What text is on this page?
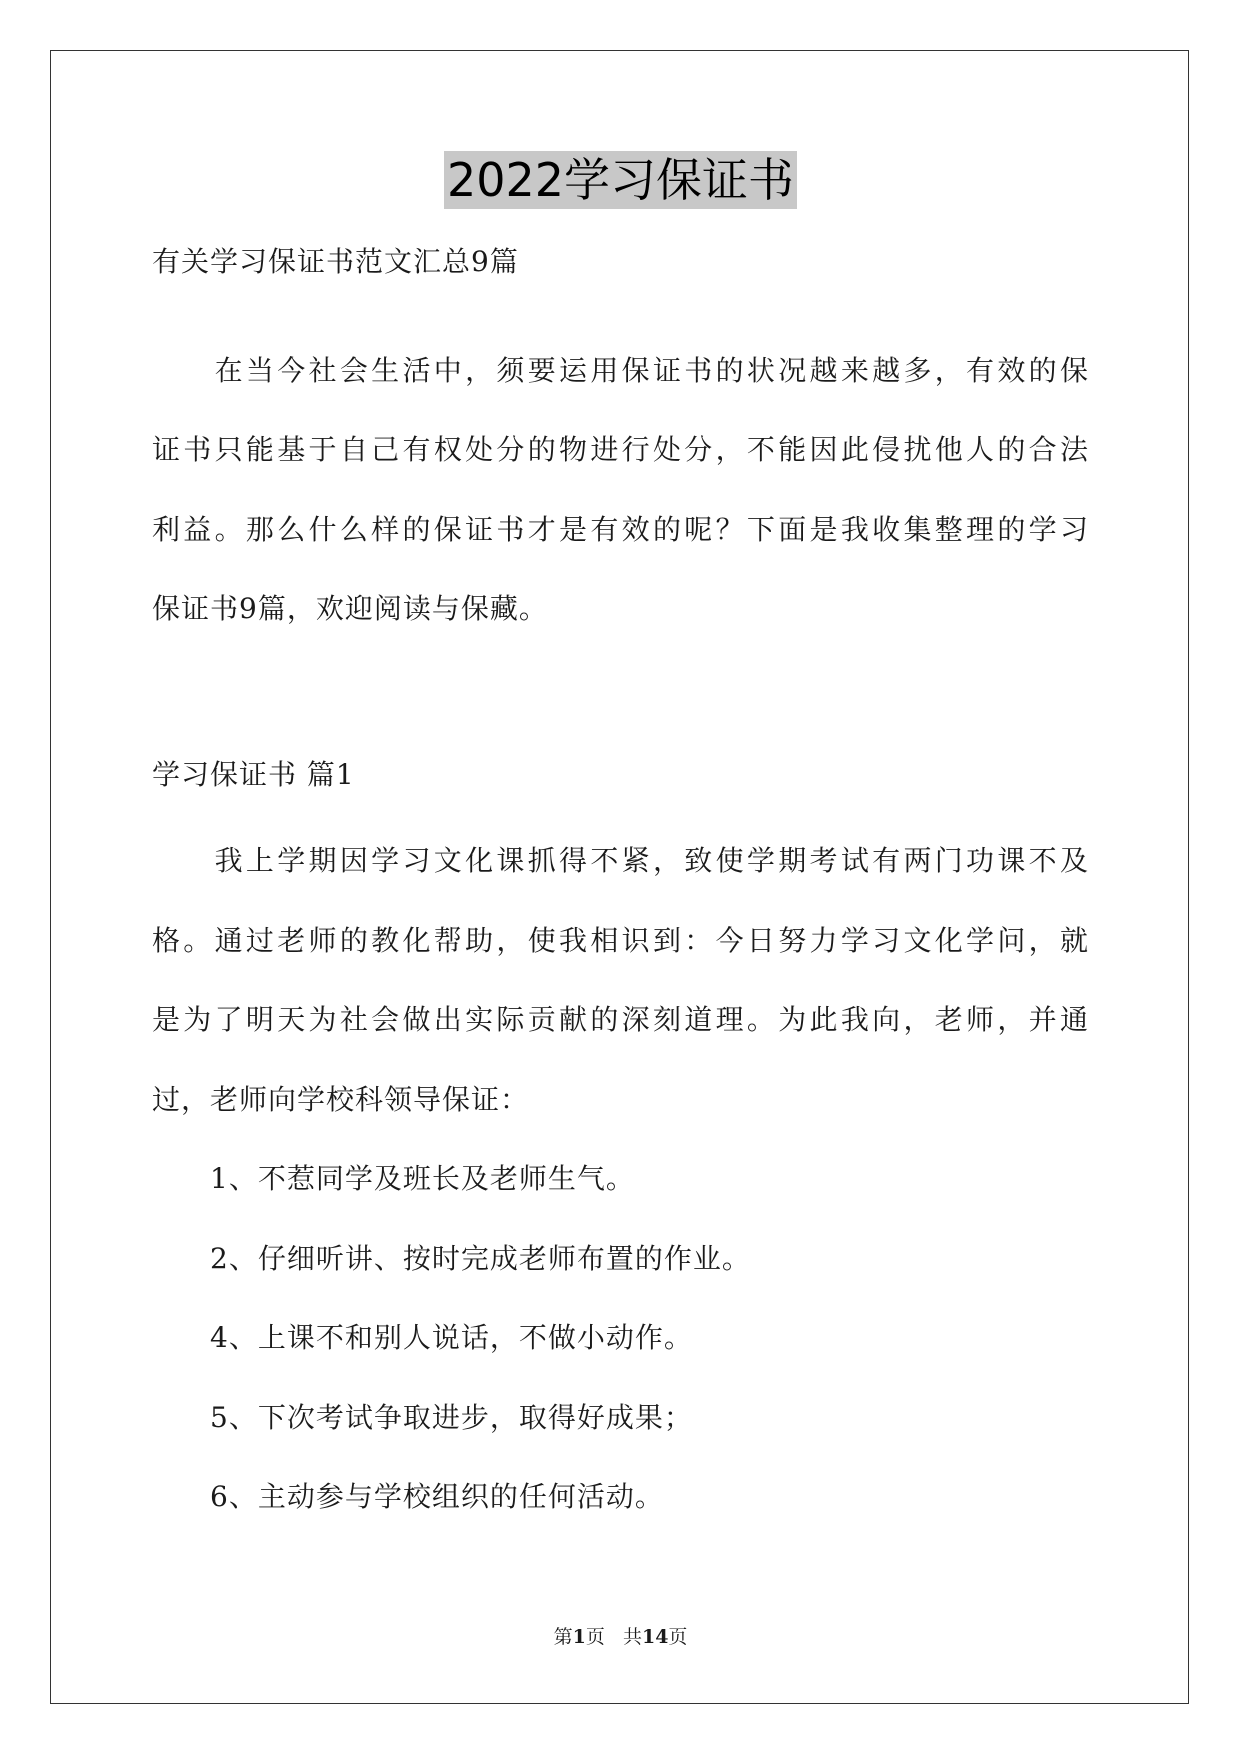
2022学习保证书
有关学习保证书范文汇总9篇
　　在当今社会生活中，须要运用保证书的状况越来越多，有效的保
证书只能基于自己有权处分的物进行处分，不能因此侵扰他人的合法
利益。那么什么样的保证书才是有效的呢？下面是我收集整理的学习
保证书9篇，欢迎阅读与保藏。
学习保证书 篇1
　　我上学期因学习文化课抓得不紧，致使学期考试有两门功课不及
格。通过老师的教化帮助，使我相识到：今日努力学习文化学问，就
是为了明天为社会做出实际贡献的深刻道理。为此我向，老师，并通
过，老师向学校科领导保证：
　　1、不惹同学及班长及老师生气。
　　2、仔细听讲、按时完成老师布置的作业。
　　4、上课不和别人说话，不做小动作。
　　5、下次考试争取进步，取得好成果；
　　6、主动参与学校组织的任何活动。
第1页 共14页
